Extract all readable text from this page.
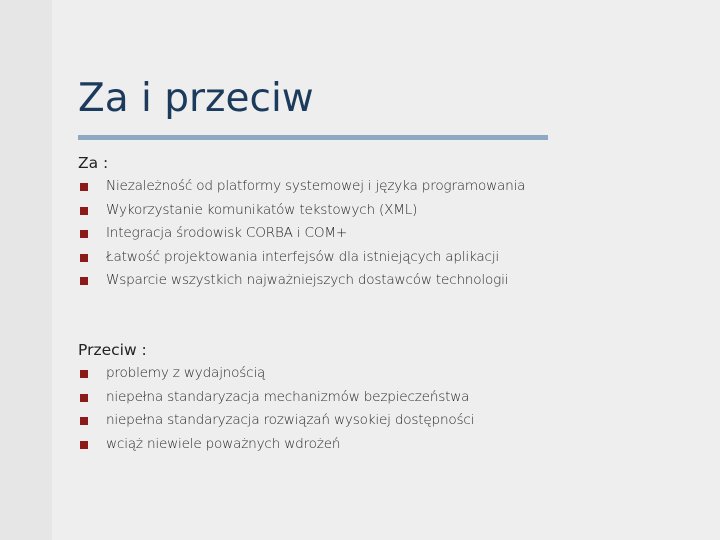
Za i przeciw
Za :
Niezależność od platformy systemowej i języka programowania
Wykorzystanie komunikatów tekstowych (XML)
Integracja środowisk CORBA i COM+
Łatwość projektowania interfejsów dla istniejących aplikacji
Wsparcie wszystkich najważniejszych dostawców technologii
Przeciw :
problemy z wydajnością
niepełna standaryzacja mechanizmów bezpieczeństwa
niepełna standaryzacja rozwiązań wysokiej dostępności
wciąż niewiele poważnych wdrożeń
